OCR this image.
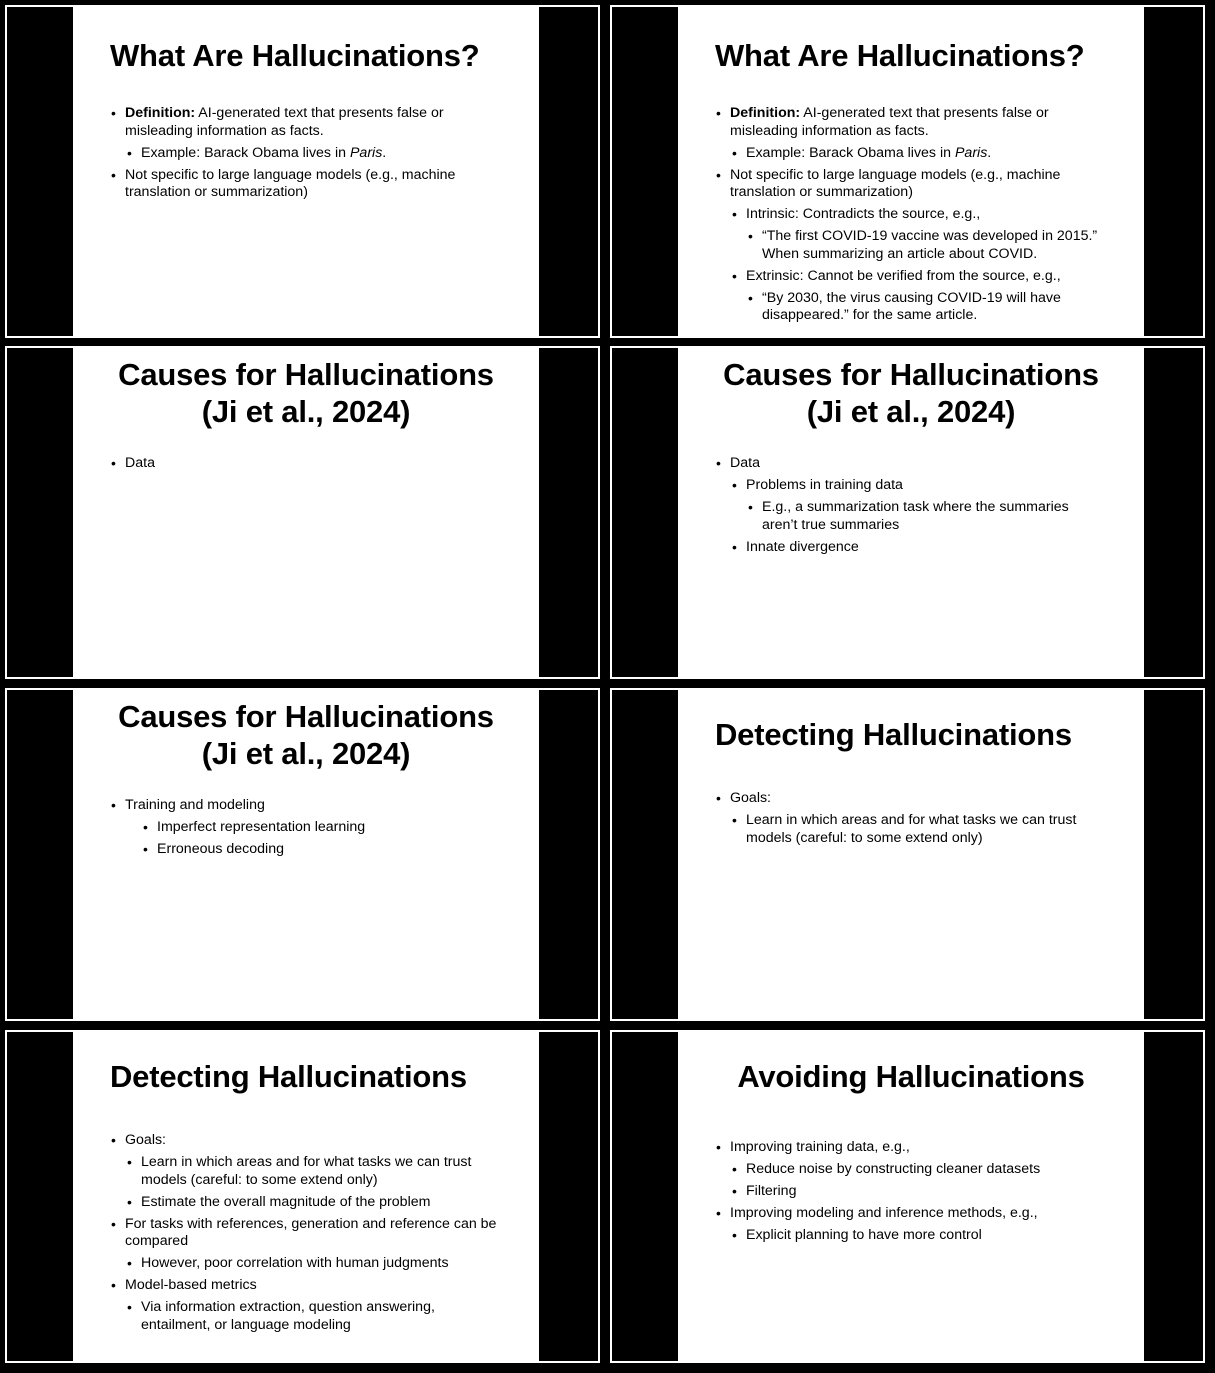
What Are Hallucinations?
• Definition: AI-generated text that presents false or
misleading information as facts.
• Example: Barack Obama lives in Paris.
• Not specific to large language models (e.g., machine
translation or summarization)
What Are Hallucinations?
• Definition: AI-generated text that presents false or
misleading information as facts.
• Example: Barack Obama lives in Paris.
• Not specific to large language models (e.g., machine
translation or summarization)
• Intrinsic: Contradicts the source, e.g.,
• “The first COVID-19 vaccine was developed in 2015.”
When summarizing an article about COVID.
• Extrinsic: Cannot be verified from the source, e.g.,
• “By 2030, the virus causing COVID-19 will have
disappeared.” for the same article.
Causes for Hallucinations
(Ji et al., 2024)
• Data
Causes for Hallucinations
(Ji et al., 2024)
• Data
• Problems in training data
• E.g., a summarization task where the summaries
aren’t true summaries
• Innate divergence
Causes for Hallucinations
(Ji et al., 2024)
• Training and modeling
• Imperfect representation learning
• Erroneous decoding
Detecting Hallucinations
• Goals:
• Learn in which areas and for what tasks we can trust
models (careful: to some extend only)
Detecting Hallucinations
• Goals:
• Learn in which areas and for what tasks we can trust
models (careful: to some extend only)
• Estimate the overall magnitude of the problem
• For tasks with references, generation and reference can be
compared
• However, poor correlation with human judgments
• Model-based metrics
• Via information extraction, question answering,
entailment, or language modeling
Avoiding Hallucinations
• Improving training data, e.g.,
• Reduce noise by constructing cleaner datasets
• Filtering
• Improving modeling and inference methods, e.g.,
• Explicit planning to have more control
